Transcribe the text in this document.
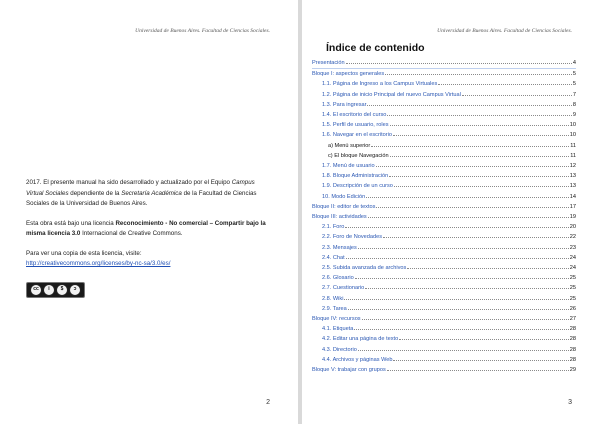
Universidad de Buenos Aires. Facultad de Ciencias Sociales.

2017. El presente manual ha sido desarrollado y actualizado por el Equipo Campus Virtual Sociales dependiente de la Secretaría Académica de la Facultad de Ciencias Sociales de la Universidad de Buenos Aires.

Esta obra está bajo una licencia Reconocimiento - No comercial – Compartir bajo la misma licencia 3.0 Internacional de Creative Commons.

Para ver una copia de esta licencia, visite:
http://creativecommons.org/licenses/by-nc-sa/3.0/es/

cc	i	$	ↄ
2
Universidad de Buenos Aires. Facultad de Ciencias Sociales.
Índice de contenido
Presentación	4
Bloque I: aspectos generales	5
1.1. Página de Ingreso a los Campus Virtuales	5
1.2. Página de inicio Principal del nuevo Campus Virtual	7
1.3. Para ingresar	8
1.4. El escritorio del curso	9
1.5. Perfil de usuario, roles	10
1.6. Navegar en el escritorio	10
a) Menú superior	11
c) El bloque Navegación	11
1.7. Menú de usuario	12
1.8. Bloque Administración	13
1.9. Descripción de un curso	13
10. Modo Edición	14
Bloque II: editor de textos	17
Bloque III: actividades	19
2.1. Foro	20
2.2. Foro de Novedades	22
2.3. Mensajes	23
2.4. Chat	24
2.5. Subida avanzada de archivos	24
2.6. Glosario	25
2.7. Cuestionario	25
2.8. Wiki	25
2.9. Tarea	26
Bloque IV: recursos	27
4.1. Etiqueta	28
4.2. Editar una página de texto	28
4.3. Directorio	28
4.4. Archivos y páginas Web	28
Bloque V: trabajar con grupos	29
3
